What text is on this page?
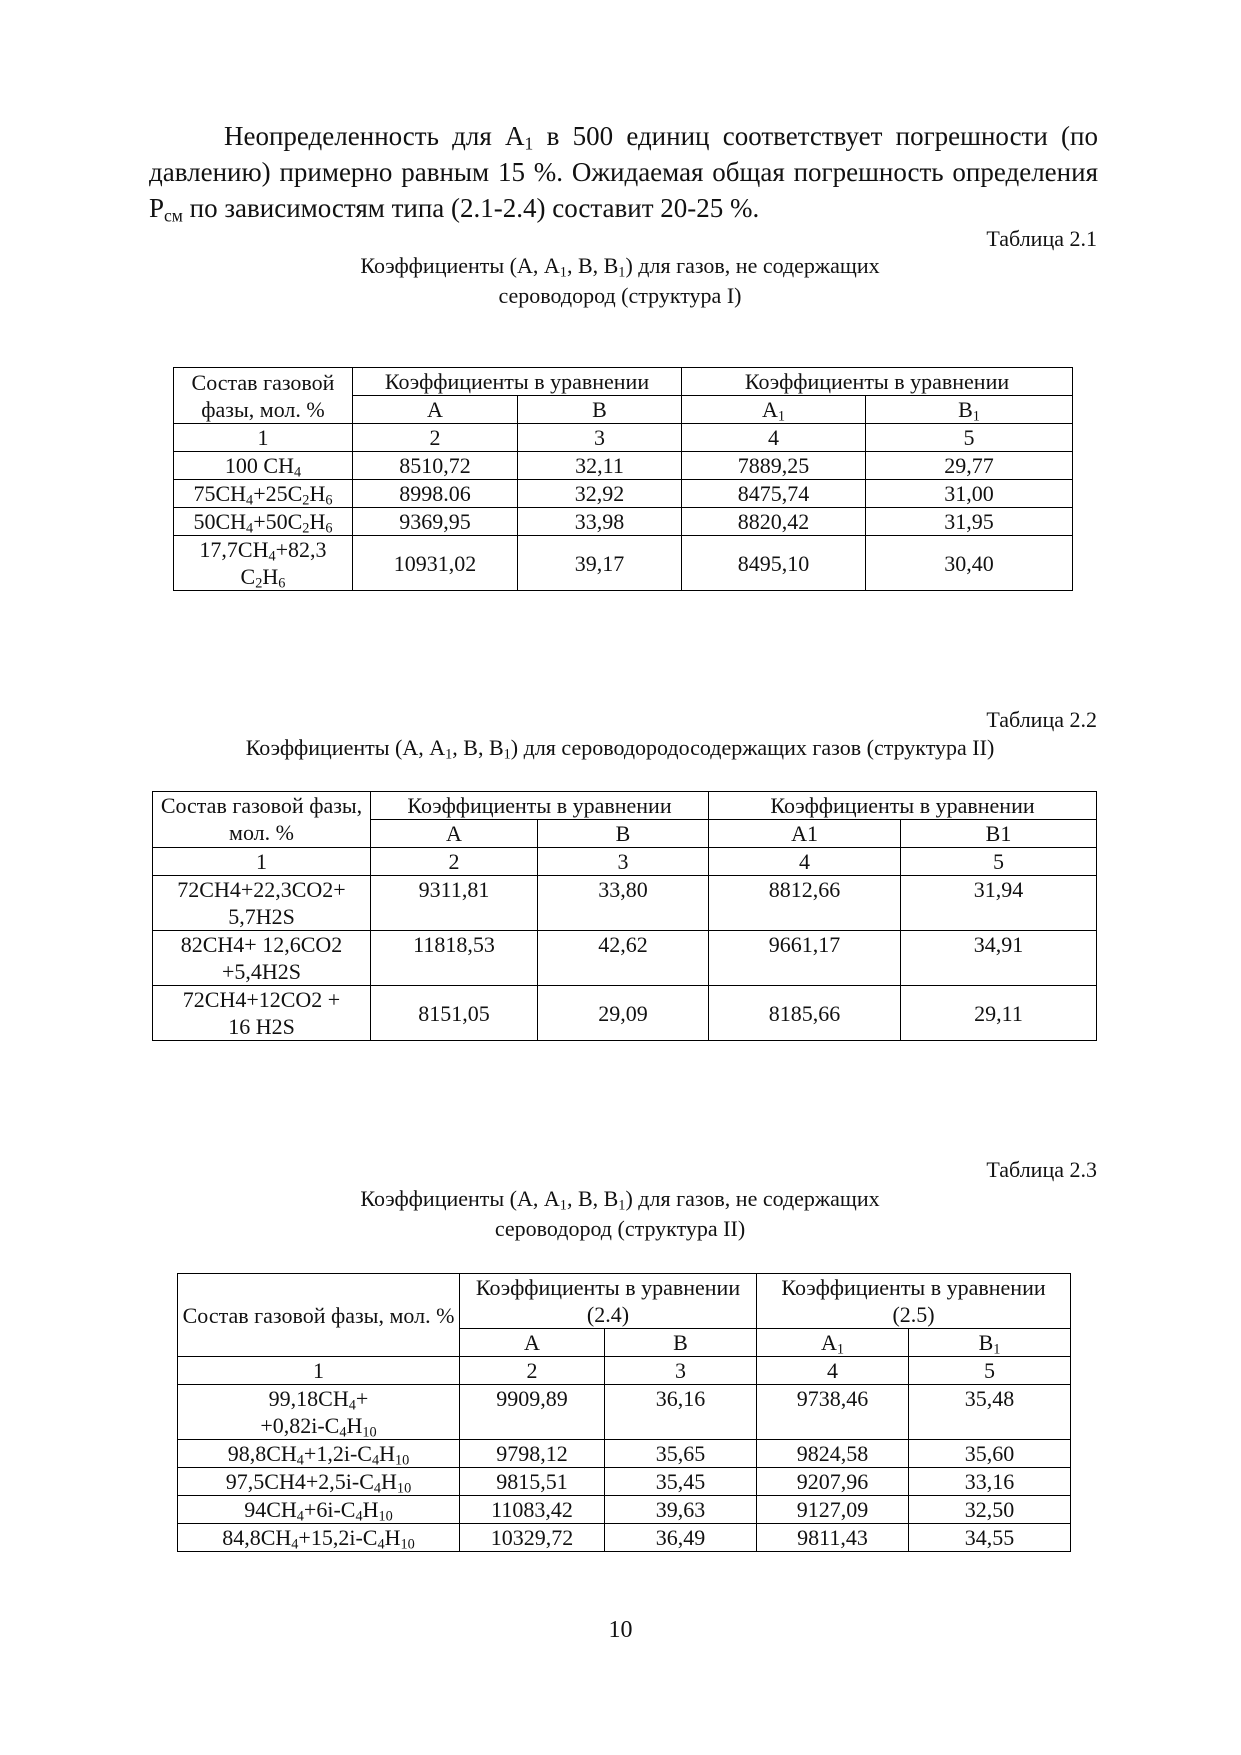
Неопределенность для $А_1$ в 500 единиц соответствует погрешности (по давлению) примерно равным 15 %. Ожидаемая общая погрешность определения $Р_{см}$ по зависимостям типа (2.1-2.4) составит 20-25 %.

Таблица 2.1
Коэффициенты (А, $А_1$, В, $В_1$) для газов, не содержащих
сероводород (структура I)
Состав газовой фазы, мол. %	Коэффициенты в уравнении		Коэффициенты в уравнении	
	А	В	$А_1$	$В_1$
1	2	3	4	5
100 $CH_4$	8510,72	32,11	7889,25	29,77
$75CH_4+25C_2H_6$	8998.06	32,92	8475,74	31,00
$50CH_4+50C_2H_6$	9369,95	33,98	8820,42	31,95
$17,7CH_4+82,3$
$C_2H_6$	10931,02	39,17	8495,10	30,40
Таблица 2.2
Коэффициенты (А, $А_1$, В, $В_1$) для сероводородосодержащих газов (структура II)
Состав газовой фазы, мол. %	Коэффициенты в уравнении		Коэффициенты в уравнении	
	А	В	А1	В1
1	2	3	4	5
72CH4+22,3CO2+
5,7H2S	9311,81	33,80	8812,66	31,94
82CH4+ 12,6CO2
+5,4H2S	11818,53	42,62	9661,17	34,91
72CH4+12CO2 +
16 H2S	8151,05	29,09	8185,66	29,11
Таблица 2.3
Коэффициенты (А, $А_1$, В, $В_1$) для газов, не содержащих
сероводород (структура II)
Состав газовой фазы, мол. %	Коэффициенты в уравнении (2.4)		Коэффициенты в уравнении (2.5)	
	А	В	$А_1$	$В_1$
1	2	3	4	5
$99,18CH_4+$
$+0,82i-C_4H_{10}$	9909,89	36,16	9738,46	35,48
$98,8CH_4+1,2i-C_4H_{10}$	9798,12	35,65	9824,58	35,60
$97,5CH4+2,5i-C_4H_{10}$	9815,51	35,45	9207,96	33,16
$94CH_4+6i-C_4H_{10}$	11083,42	39,63	9127,09	32,50
$84,8CH_4+15,2i-C_4H_{10}$	10329,72	36,49	9811,43	34,55
10
